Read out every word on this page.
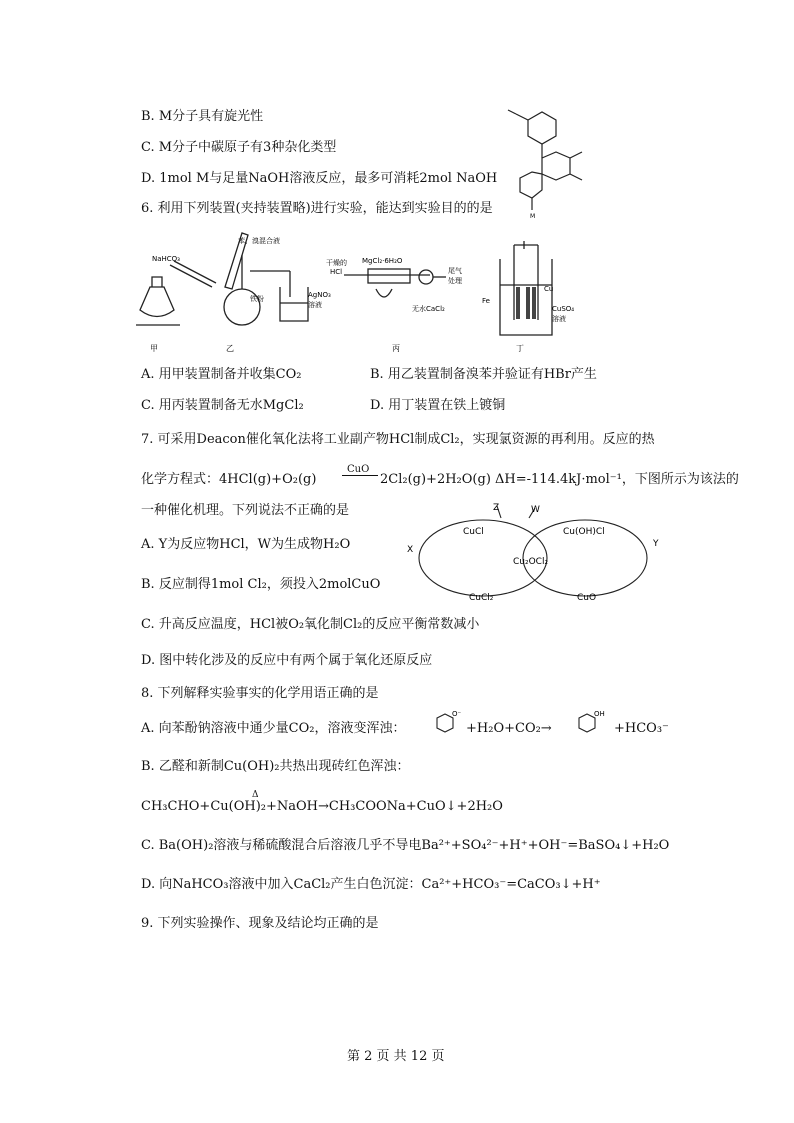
B. M分子具有旋光性
C. M分子中碳原子有3种杂化类型
D. 1mol M与足量NaOH溶液反应，最多可消耗2mol NaOH
M
6. 利用下列装置(夹持装置略)进行实验，能达到实验目的的是
NaHCO₃
苯、溴混合液
铁粉	AgNO₃
溶液
干燥的
HCl
MgCl₂·6H₂O
尾气
处理
无水CaCl₂
Fe
Cu
CuSO₄
溶液
甲	乙	丙	丁
A. 用甲装置制备并收集CO₂	B. 用乙装置制备溴苯并验证有HBr产生
C. 用丙装置制备无水MgCl₂	D. 用丁装置在铁上镀铜
7. 可采用Deacon催化氧化法将工业副产物HCl制成Cl₂，实现氯资源的再利用。反应的热
化学方程式：4HCl(g)+O₂(g)
CuO
2Cl₂(g)+2H₂O(g) ΔH=-114.4kJ·mol⁻¹，下图所示为该法的
一种催化机理。下列说法不正确的是
A. Y为反应物HCl，W为生成物H₂O
B. 反应制得1mol Cl₂，须投入2molCuO
C. 升高反应温度，HCl被O₂氧化制Cl₂的反应平衡常数减小
D. 图中转化涉及的反应中有两个属于氧化还原反应
CuCl	Cu(OH)Cl
Cu₂OCl₂
CuCl₂	CuO
X
Y
Z	W
8. 下列解释实验事实的化学用语正确的是
A. 向苯酚钠溶液中通少量CO₂，溶液变浑浊：
O⁻
+H₂O+CO₂→
OH
+HCO₃⁻
B. 乙醛和新制Cu(OH)₂共热出现砖红色浑浊：
CH₃CHO+Cu(OH)₂+NaOH→CH₃COONa+CuO↓+2H₂O
Δ
C. Ba(OH)₂溶液与稀硫酸混合后溶液几乎不导电Ba²⁺+SO₄²⁻+H⁺+OH⁻=BaSO₄↓+H₂O
D. 向NaHCO₃溶液中加入CaCl₂产生白色沉淀：Ca²⁺+HCO₃⁻=CaCO₃↓+H⁺
9. 下列实验操作、现象及结论均正确的是
第 2 页 共 12 页
